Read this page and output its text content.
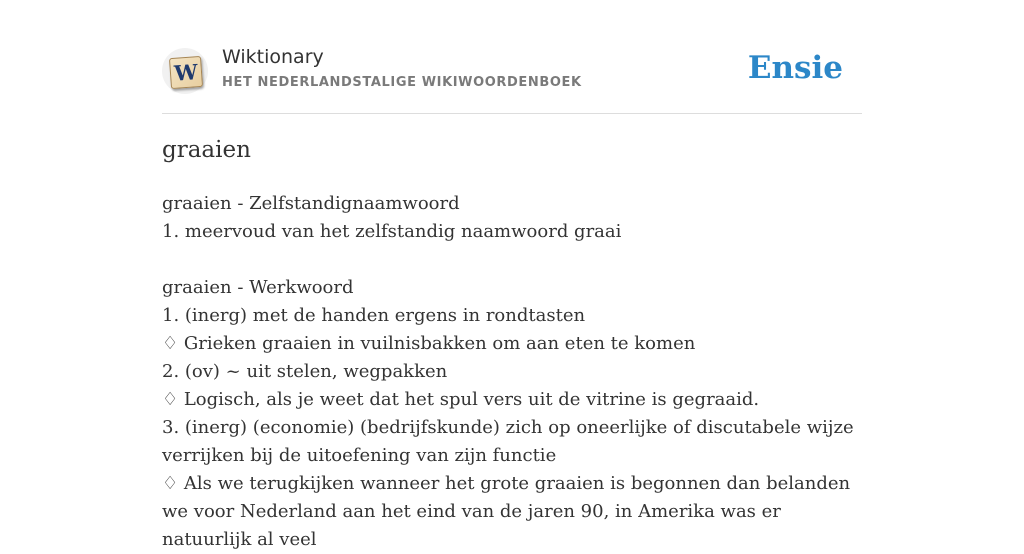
W
Wiktionary
HET NEDERLANDSTALIGE WIKIWOORDENBOEK	Ensie
graaien
graaien - Zelfstandignaamwoord
1. meervoud van het zelfstandig naamwoord graai
graaien - Werkwoord
1. (inerg) met de handen ergens in rondtasten
♢ Grieken graaien in vuilnisbakken om aan eten te komen
2. (ov) ~ uit stelen, wegpakken
♢ Logisch, als je weet dat het spul vers uit de vitrine is gegraaid.
3. (inerg) (economie) (bedrijfskunde) zich op oneerlijke of discutabele wijze verrijken bij de uitoefening van zijn functie
♢ Als we terugkijken wanneer het grote graaien is begonnen dan belanden we voor Nederland aan het eind van de jaren 90, in Amerika was er natuurlijk al veel
